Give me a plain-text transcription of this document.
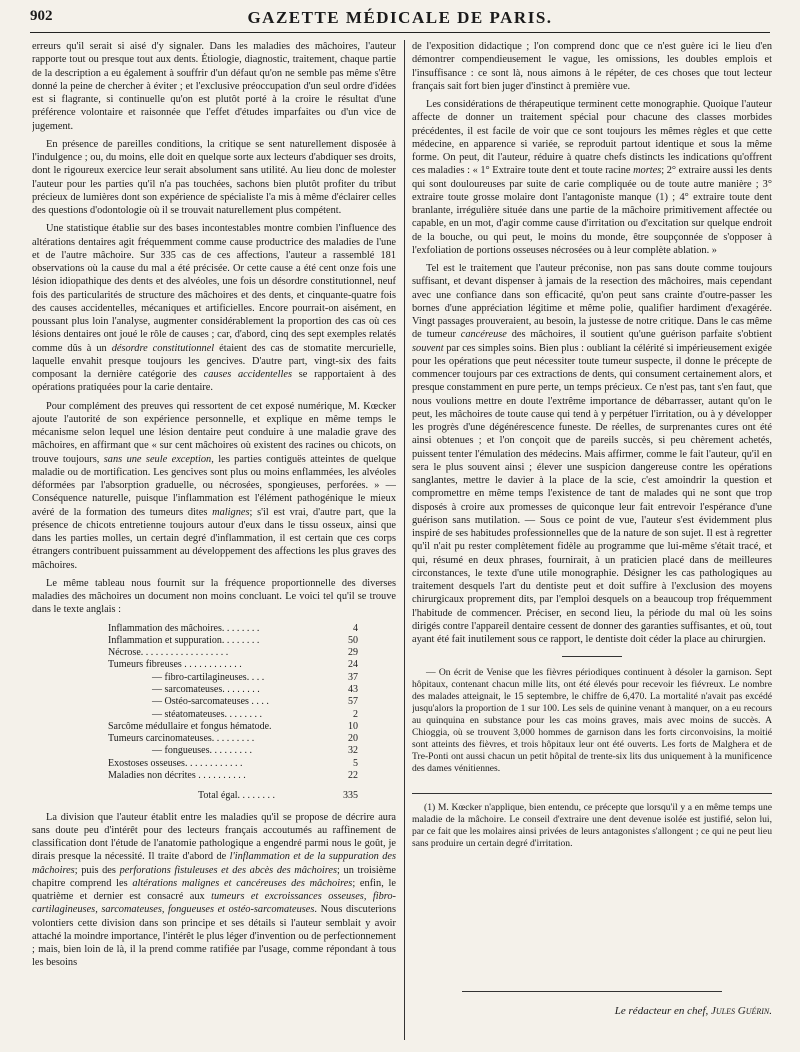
902	GAZETTE MÉDICALE DE PARIS.

erreurs qu'il serait si aisé d'y signaler. Dans les maladies des mâchoires, l'auteur rapporte tout ou presque tout aux dents. Étiologie, diagnostic, traitement, chaque partie de la description a eu également à souffrir d'un défaut qu'on ne semble pas même s'être donné la peine de chercher à éviter ; et l'exclusive préoccupation d'un seul ordre d'idées est si flagrante, si continuelle qu'on est plutôt porté à la croire le résultat d'une préférence volontaire et raisonnée que l'effet d'études imparfaites ou d'un vice de jugement.

En présence de pareilles conditions, la critique se sent naturellement disposée à l'indulgence ; ou, du moins, elle doit en quelque sorte aux lecteurs d'abdiquer ses droits, dont le rigoureux exercice leur serait absolument sans utilité. Au lieu donc de molester l'auteur pour les parties qu'il n'a pas touchées, sachons bien plutôt profiter du tribut précieux de lumières dont son expérience de spécialiste l'a mis à même d'éclairer celles des questions d'odontologie où il se trouvait naturellement plus compétent.

Une statistique établie sur des bases incontestables montre combien l'influence des altérations dentaires agit fréquemment comme cause productrice des maladies de l'une et de l'autre mâchoire. Sur 335 cas de ces affections, l'auteur a rassemblé 181 observations où la cause du mal a été précisée. Or cette cause a été cent onze fois une lésion idiopathique des dents et des alvéoles, une fois un désordre constitutionnel, neuf fois des particularités de structure des mâchoires et des dents, et cinquante-quatre fois des causes accidentelles, mécaniques et artificielles. Encore pourrait-on aisément, en poussant plus loin l'analyse, augmenter considérablement la proportion des cas où ces lésions dentaires ont joué le rôle de causes ; car, d'abord, cinq des sept exemples relatés comme dûs à un désordre constitutionnel étaient des cas de stomatite mercurielle, laquelle envahit presque toujours les gencives. D'autre part, vingt-six des faits composant la dernière catégorie des causes accidentelles se rapportaient à des opérations pratiquées pour la carie dentaire.

Pour complément des preuves qui ressortent de cet exposé numérique, M. Kœcker ajoute l'autorité de son expérience personnelle, et explique en même temps le mécanisme selon lequel une lésion dentaire peut conduire à une maladie grave des mâchoires, en affirmant que « sur cent mâchoires où existent des racines ou chicots, on trouve toujours, sans une seule exception, les parties contiguës atteintes de quelque maladie ou de mortification. Les gencives sont plus ou moins enflammées, les alvéoles déformées par l'absorption graduelle, ou nécrosées, spongieuses, perforées. » — Conséquence naturelle, puisque l'inflammation est l'élément pathogénique le mieux avéré de la formation des tumeurs dites malignes; s'il est vrai, d'autre part, que la présence de chicots entretienne toujours autour d'eux dans le tissu osseux, ainsi que dans les parties molles, un certain degré d'inflammation, il est certain que ces corps étrangers contribuent puissamment au développement des affections les plus graves des mâchoires.

Le même tableau nous fournit sur la fréquence proportionnelle des diverses maladies des mâchoires un document non moins concluant. Le voici tel qu'il se trouve dans le texte anglais :

Inflammation des mâchoires. . . . . . . .	4
Inflammation et suppuration. . . . . . . .	50
Nécrose. . . . . . . . . . . . . . . . . .	29
Tumeurs fibreuses . . . . . . . . . . . .	24
— fibro-cartilagineuses. . . .	37
— sarcomateuses. . . . . . . .	43
— Ostéo-sarcomateuses . . . .	57
— stéatomateuses. . . . . . . .	2
Sarcôme médullaire et fongus hématode.	10
Tumeurs carcinomateuses. . . . . . . . .	20
— fongueuses. . . . . . . . .	32
Exostoses osseuses. . . . . . . . . . . .	5
Maladies non décrites . . . . . . . . . .	22
Total égal. . . . . . . .	335

La division que l'auteur établit entre les maladies qu'il se propose de décrire aura sans doute peu d'intérêt pour des lecteurs français accoutumés au raffinement de classification dont l'étude de l'anatomie pathologique a engendré parmi nous le goût, je dirais presque la nécessité. Il traite d'abord de l'inflammation et de la suppuration des mâchoires; puis des perforations fistuleuses et des abcès des mâchoires; un troisième chapitre comprend les altérations malignes et cancéreuses des mâchoires; enfin, le quatrième et dernier est consacré aux tumeurs et excroissances osseuses, fibro-cartilagineuses, sarcomateuses, fongueuses et ostéo-sarcomateuses. Nous discuterions volontiers cette division dans son principe et ses détails si l'auteur semblait y avoir attaché la moindre importance, l'intérêt le plus léger d'invention ou de perfectionnement ; mais, bien loin de là, il la prend comme ratifiée par l'usage, comme répondant à tous les besoins

de l'exposition didactique ; l'on comprend donc que ce n'est guère ici le lieu d'en démontrer compendieusement le vague, les omissions, les doubles emplois et l'insuffisance : ce sont là, nous aimons à le répéter, de ces choses que tout lecteur français sait fort bien juger d'instinct à première vue.

Les considérations de thérapeutique terminent cette monographie. Quoique l'auteur affecte de donner un traitement spécial pour chacune des classes morbides précédentes, il est facile de voir que ce sont toujours les mêmes règles et que cette médecine, en apparence si variée, se reproduit partout identique et sous la même forme. On peut, dit l'auteur, réduire à quatre chefs distincts les indications qu'offrent ces maladies : « 1° Extraire toute dent et toute racine mortes; 2° extraire aussi les dents qui sont douloureuses par suite de carie compliquée ou de toute autre manière ; 3° extraire toute grosse molaire dont l'antagoniste manque (1) ; 4° extraire toute dent branlante, irrégulière située dans une partie de la mâchoire primitivement affectée ou capable, en un mot, d'agir comme cause d'irritation ou d'excitation sur quelque endroit de la bouche, ou qui peut, le moins du monde, être soupçonnée de s'opposer à l'exfoliation de portions osseuses nécrosées ou à leur complète ablation. »

Tel est le traitement que l'auteur préconise, non pas sans doute comme toujours suffisant, et devant dispenser à jamais de la resection des mâchoires, mais cependant avec une confiance dans son efficacité, qu'on peut sans crainte d'outre-passer les bornes d'une appréciation légitime et même polie, qualifier hardiment d'exagérée. Vingt passages prouveraient, au besoin, la justesse de notre critique. Dans le cas même de tumeur cancéreuse des mâchoires, il soutient qu'une guérison parfaite s'obtient souvent par ces simples soins. Bien plus : oubliant la célérité si impérieusement exigée pour les opérations que peut nécessiter toute tumeur suspecte, il donne le précepte de commencer toujours par ces extractions de dents, qui consument certainement alors, et presque constamment en pure perte, un temps précieux. Ce n'est pas, tant s'en faut, que nous voulions mettre en doute l'extrême importance de débarrasser, autant qu'on le peut, les mâchoires de toute cause qui tend à y perpétuer l'irritation, ou à y développer les progrès d'une dégénérescence funeste. De réelles, de surprenantes cures ont été ainsi obtenues ; et l'on conçoit que de pareils succès, si peu chèrement achetés, puissent tenter l'émulation des médecins. Mais affirmer, comme le fait l'auteur, qu'il en sera le plus souvent ainsi ; élever une suspicion dangereuse contre les opérations sanglantes, mettre le davier à la place de la scie, c'est amoindrir la question et compromettre en même temps l'existence de tant de malades qui ne sont que trop disposés à croire aux promesses de quiconque leur fait entrevoir l'espérance d'une guérison sans mutilation. — Sous ce point de vue, l'auteur s'est évidemment plus inspiré de ses habitudes professionnelles que de la nature de son sujet. Il est à regretter qu'il n'ait pu rester complètement fidèle au programme que lui-même s'était tracé, et qui, résumé en deux phrases, fournirait, à un praticien placé dans de meilleures circonstances, le texte d'une utile monographie. Désigner les cas pathologiques au traitement desquels l'art du dentiste peut et doit suffire à l'exclusion des moyens chirurgicaux proprement dits, par l'emploi desquels on a beaucoup trop fréquemment l'habitude de commencer. Préciser, en second lieu, la période du mal où les soins dirigés contre l'appareil dentaire cessent de donner des garanties suffisantes, et où, tout ayant été fait inutilement sous ce rapport, le dentiste doit céder la place au chirurgien.

— On écrit de Venise que les fièvres périodiques continuent à désoler la garnison. Sept hôpitaux, contenant chacun mille lits, ont été élevés pour recevoir les fiévreux. Le nombre des malades atteignait, le 15 septembre, le chiffre de 6,470. La mortalité n'avait pas excédé jusqu'alors la proportion de 1 sur 100. Les sels de quinine venant à manquer, on a eu recours au quinquina en substance pour les cas moins graves, mais avec moins de succès. A Chioggia, où se trouvent 3,000 hommes de garnison dans les forts circonvoisins, la moitié sont atteints des fièvres, et trois hôpitaux leur ont été ouverts. Les forts de Malghera et de Tre-Ponti ont aussi chacun un petit hôpital de trente-six lits dus uniquement à la munificence des dames vénitiennes.

(1) M. Kœcker n'applique, bien entendu, ce précepte que lorsqu'il y a en même temps une maladie de la mâchoire. Le conseil d'extraire une dent devenue isolée est justifié, selon lui, par ce fait que les molaires ainsi privées de leurs antagonistes s'allongent ; ce qui ne peut lieu sans produire un certain degré d'irritation.

Le rédacteur en chef, Jules Guérin.
